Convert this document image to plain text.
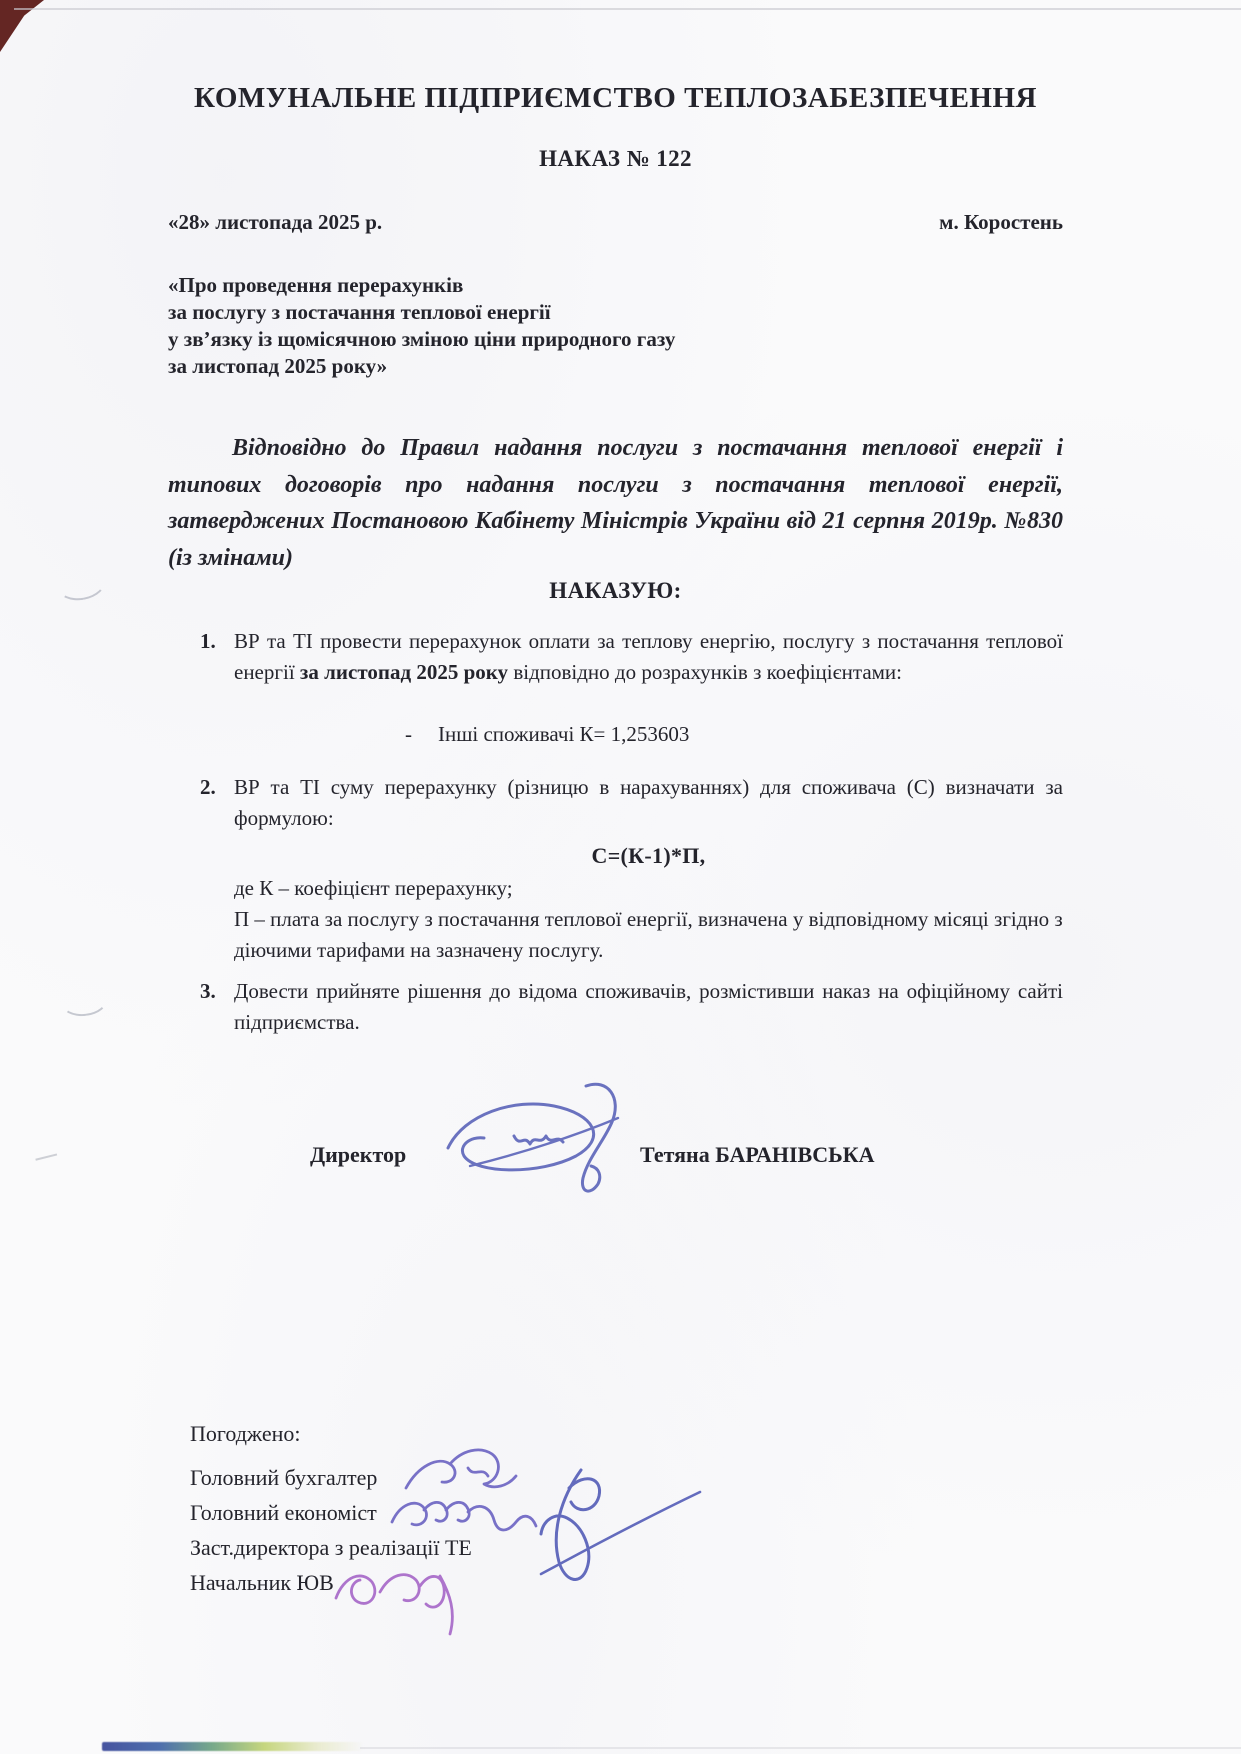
КОМУНАЛЬНЕ ПІДПРИЄМСТВО ТЕПЛОЗАБЕЗПЕЧЕННЯ
НАКАЗ № 122
«28» листопада 2025 р.	м. Коростень
«Про проведення перерахунків
за послугу з постачання теплової енергії
у зв’язку із щомісячною зміною ціни природного газу
за листопад 2025 року»
Відповідно до Правил надання послуги з постачання теплової енергії і типових договорів про надання послуги з постачання теплової енергії, затверджених Постановою Кабінету Міністрів України від 21 серпня 2019р. №830 (із змінами)
НАКАЗУЮ:
1. ВР та ТІ провести перерахунок оплати за теплову енергію, послугу з постачання теплової енергії за листопад 2025 року відповідно до розрахунків з коефіцієнтами:
- Інші споживачі К= 1,253603
2. ВР та ТІ суму перерахунку (різницю в нарахуваннях) для споживача (С) визначати за формулою:
С=(К-1)*П,
де К – коефіцієнт перерахунку;
П – плата за послугу з постачання теплової енергії, визначена у відповідному місяці згідно з діючими тарифами на зазначену послугу.
3. Довести прийняте рішення до відома споживачів, розмістивши наказ на офіційному сайті підприємства.
Директор	Тетяна БАРАНІВСЬКА
Погоджено:
Головний бухгалтер
Головний економіст
Заст.директора з реалізації ТЕ
Начальник ЮВ
